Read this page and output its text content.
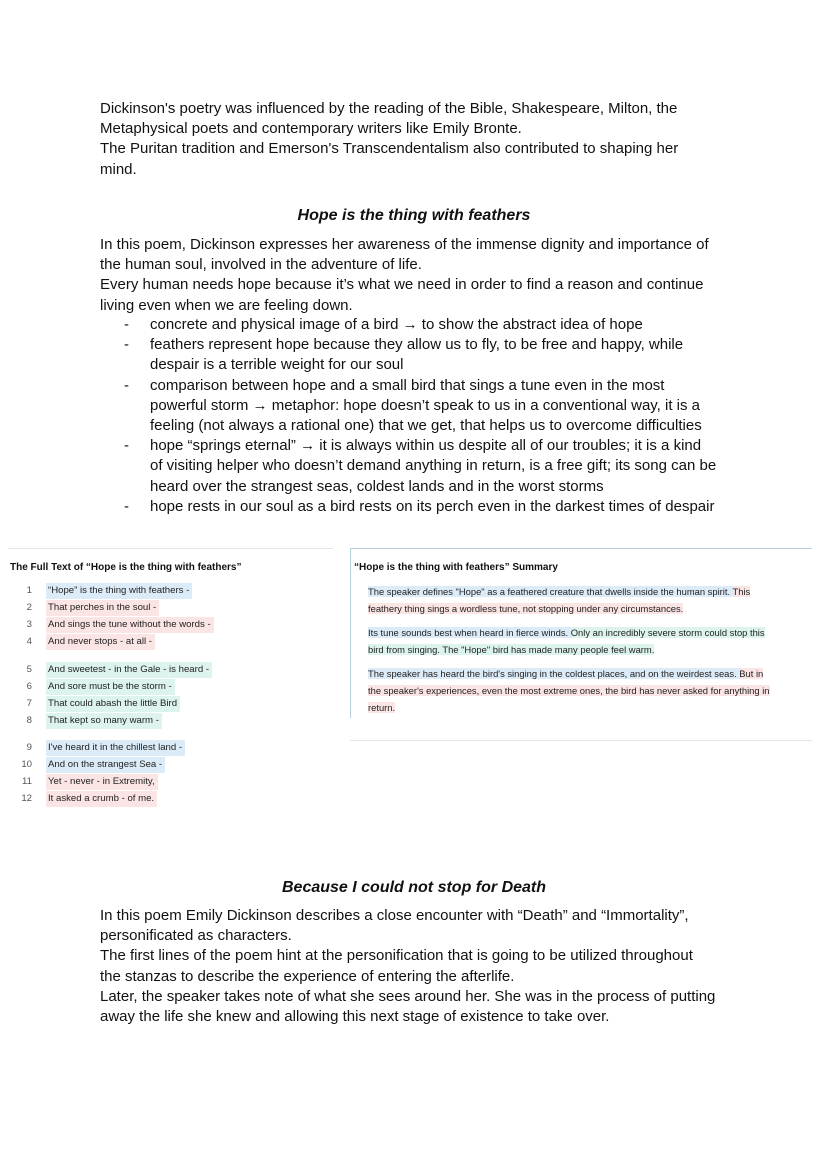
Dickinson's poetry was influenced by the reading of the Bible, Shakespeare, Milton, the

Metaphysical poets and contemporary writers like Emily Bronte.

The Puritan tradition and Emerson's Transcendentalism also contributed to shaping her

mind.

Hope is the thing with feathers

In this poem, Dickinson expresses her awareness of the immense dignity and importance of

the human soul, involved in the adventure of life.

Every human needs hope because it’s what we need in order to find a reason and continue

living even when we are feeling down.

- concrete and physical image of a bird → to show the abstract idea of hope
- feathers represent hope because they allow us to fly, to be free and happy, while
despair is a terrible weight for our soul
- comparison between hope and a small bird that sings a tune even in the most
powerful storm → metaphor: hope doesn’t speak to us in a conventional way, it is a
feeling (not always a rational one) that we get, that helps us to overcome difficulties
- hope “springs eternal” → it is always within us despite all of our troubles; it is a kind
of visiting helper who doesn’t demand anything in return, is a free gift; its song can be
heard over the strangest seas, coldest lands and in the worst storms
- hope rests in our soul as a bird rests on its perch even in the darkest times of despair
The Full Text of “Hope is the thing with feathers”
1 “Hope” is the thing with feathers -
2 That perches in the soul -
3 And sings the tune without the words -
4 And never stops - at all -
5 And sweetest - in the Gale - is heard -
6 And sore must be the storm -
7 That could abash the little Bird
8 That kept so many warm -
9 I've heard it in the chillest land -
10 And on the strangest Sea -
11 Yet - never - in Extremity,
12 It asked a crumb - of me.
“Hope is the thing with feathers” Summary
The speaker defines "Hope" as a feathered creature that dwells inside the human spirit. This
feathery thing sings a wordless tune, not stopping under any circumstances.
Its tune sounds best when heard in fierce winds. Only an incredibly severe storm could stop this
bird from singing. The "Hope" bird has made many people feel warm.
The speaker has heard the bird's singing in the coldest places, and on the weirdest seas. But in
the speaker's experiences, even the most extreme ones, the bird has never asked for anything in
return.
Because I could not stop for Death

In this poem Emily Dickinson describes a close encounter with “Death” and “Immortality”,

personificated as characters.

The first lines of the poem hint at the personification that is going to be utilized throughout

the stanzas to describe the experience of entering the afterlife.

Later, the speaker takes note of what she sees around her. She was in the process of putting

away the life she knew and allowing this next stage of existence to take over.
